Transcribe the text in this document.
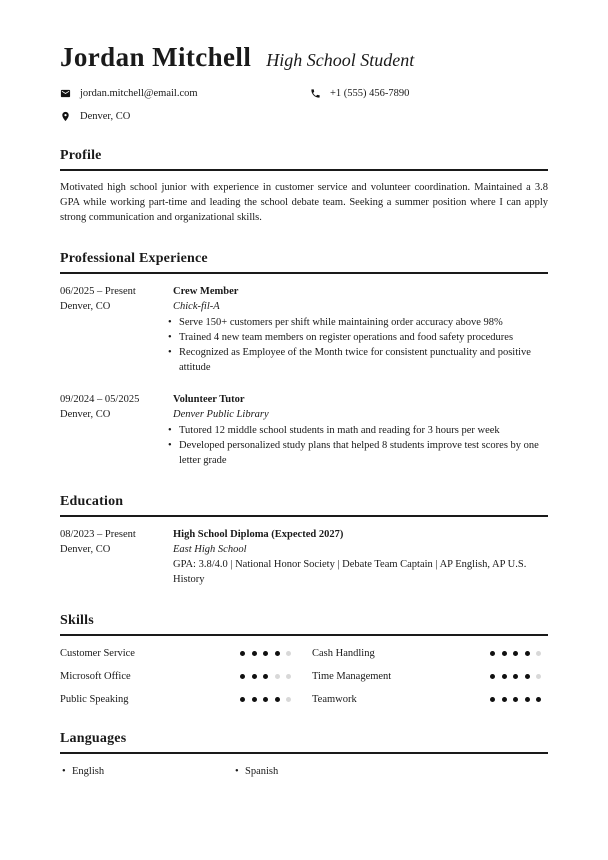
Jordan Mitchell High School Student
jordan.mitchell@email.com	+1 (555) 456-7890
Denver, CO
Profile

Motivated high school junior with experience in customer service and volunteer coordination. Maintained a 3.8 GPA while working part-time and leading the school debate team. Seeking a summer position where I can apply strong communication and organizational skills.

Professional Experience
06/2025 – Present
Denver, CO
Crew Member
Chick-fil-A
• Serve 150+ customers per shift while maintaining order accuracy above 98%
• Trained 4 new team members on register operations and food safety procedures
• Recognized as Employee of the Month twice for consistent punctuality and positive attitude
09/2024 – 05/2025
Denver, CO
Volunteer Tutor
Denver Public Library
• Tutored 12 middle school students in math and reading for 3 hours per week
• Developed personalized study plans that helped 8 students improve test scores by one letter grade
Education
08/2023 – Present
Denver, CO
High School Diploma (Expected 2027)
East High School
GPA: 3.8/4.0 | National Honor Society | Debate Team Captain | AP English, AP U.S. History
Skills
Customer Service	Cash Handling
Microsoft Office	Time Management
Public Speaking	Teamwork
Languages
• English	• Spanish
